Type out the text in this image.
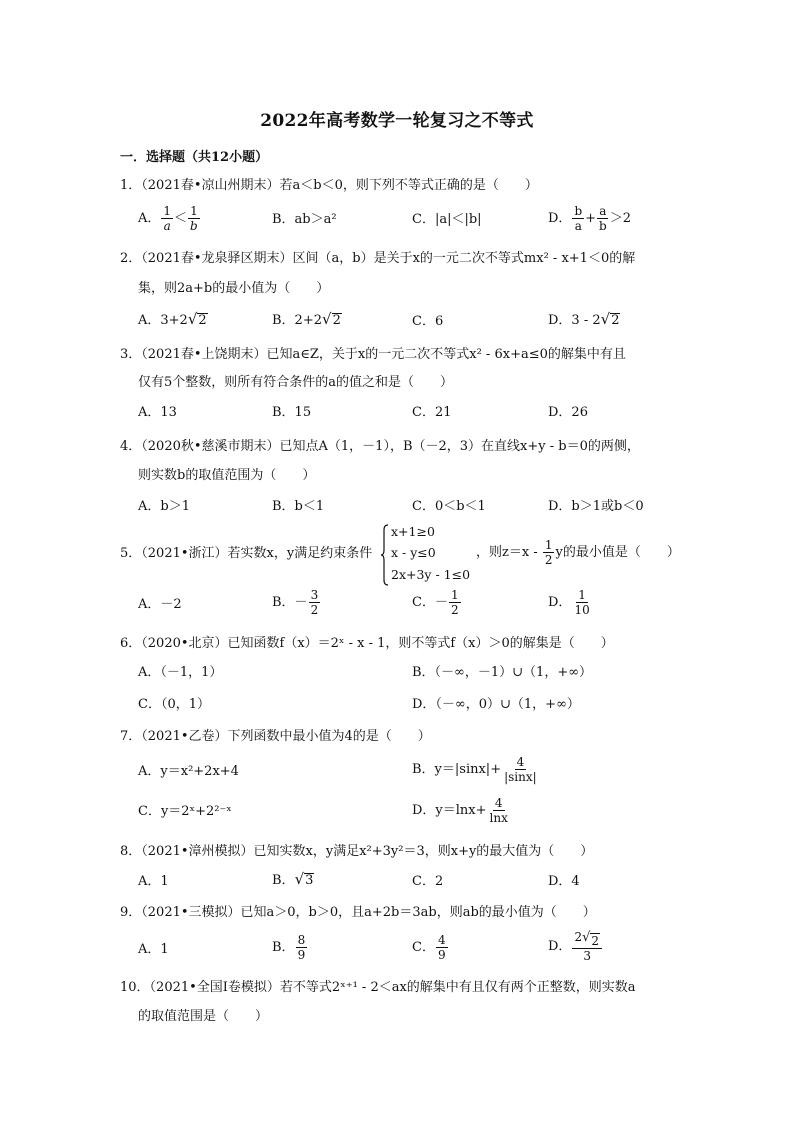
2022年高考数学一轮复习之不等式
一．选择题（共12小题）
1．（2021春•凉山州期末）若a＜b＜0，则下列不等式正确的是（　　）
A． $\frac{1}{a} < \frac{1}{b}$	B．ab＞a²	C．|a|＜|b|	D． $\frac{b}{a} + \frac{a}{b} >2$
2．（2021春•龙泉驿区期末）区间（a，b）是关于x的一元二次不等式mx² - x+1＜0的解
集，则2a+b的最小值为（　　）
A．3+2 √ 2	B．2+2 √ 2	C．6	D．3 - 2 √ 2
3．（2021春•上饶期末）已知a∈Z，关于x的一元二次不等式x² - 6x+a≤0的解集中有且
仅有5个整数，则所有符合条件的a的值之和是（　　）
A．13	B．15	C．21	D．26
4．（2020秋•慈溪市期末）已知点A（1，－1），B（－2，3）在直线x+y - b＝0的两侧，
则实数b的取值范围为（　　）
A．b＞1	B．b＜1	C．0＜b＜1	D．b＞1或b＜0
5．（2021•浙江）若实数x，y满足约束条件
x+1≥0
x - y≤0
2x+3y - 1≤0
，则$z=x - \frac{1}{2}$ y的最小值是（　　）
A．－2	B．－ $\frac{3}{2}$	C．－ $\frac{1}{2}$	D． $\frac{1}{10}$
6．（2020•北京）已知函数f（x）＝2ˣ - x - 1，则不等式f（x）＞0的解集是（　　）
A．（－1，1）	B．（－∞，－1）∪（1，+∞）
C．（0，1）	D．（－∞，0）∪（1，+∞）
7．（2021•乙卷）下列函数中最小值为4的是（　　）
A．y＝x²+2x+4	B．$y=|\sin x|+ \frac{4}{|\sin x|}$
C．y＝2ˣ+2²⁻ˣ	D．$y=\ln x+ \frac{4}{\ln x}$
8．（2021•漳州模拟）已知实数x，y满足x²+3y²＝3，则x+y的最大值为（　　）
A．1	B． √ 3	C．2	D．4
9．（2021•三模拟）已知a＞0，b＞0，且a+2b＝3ab，则ab的最小值为（　　）
A．1	B． $\frac{8}{9}$	C． $\frac{4}{9}$	D． $\frac{2 √ 2}{3}$
10．（2021•全国Ⅰ卷模拟）若不等式2ˣ⁺¹ - 2＜ax的解集中有且仅有两个正整数，则实数a
的取值范围是（　　）
